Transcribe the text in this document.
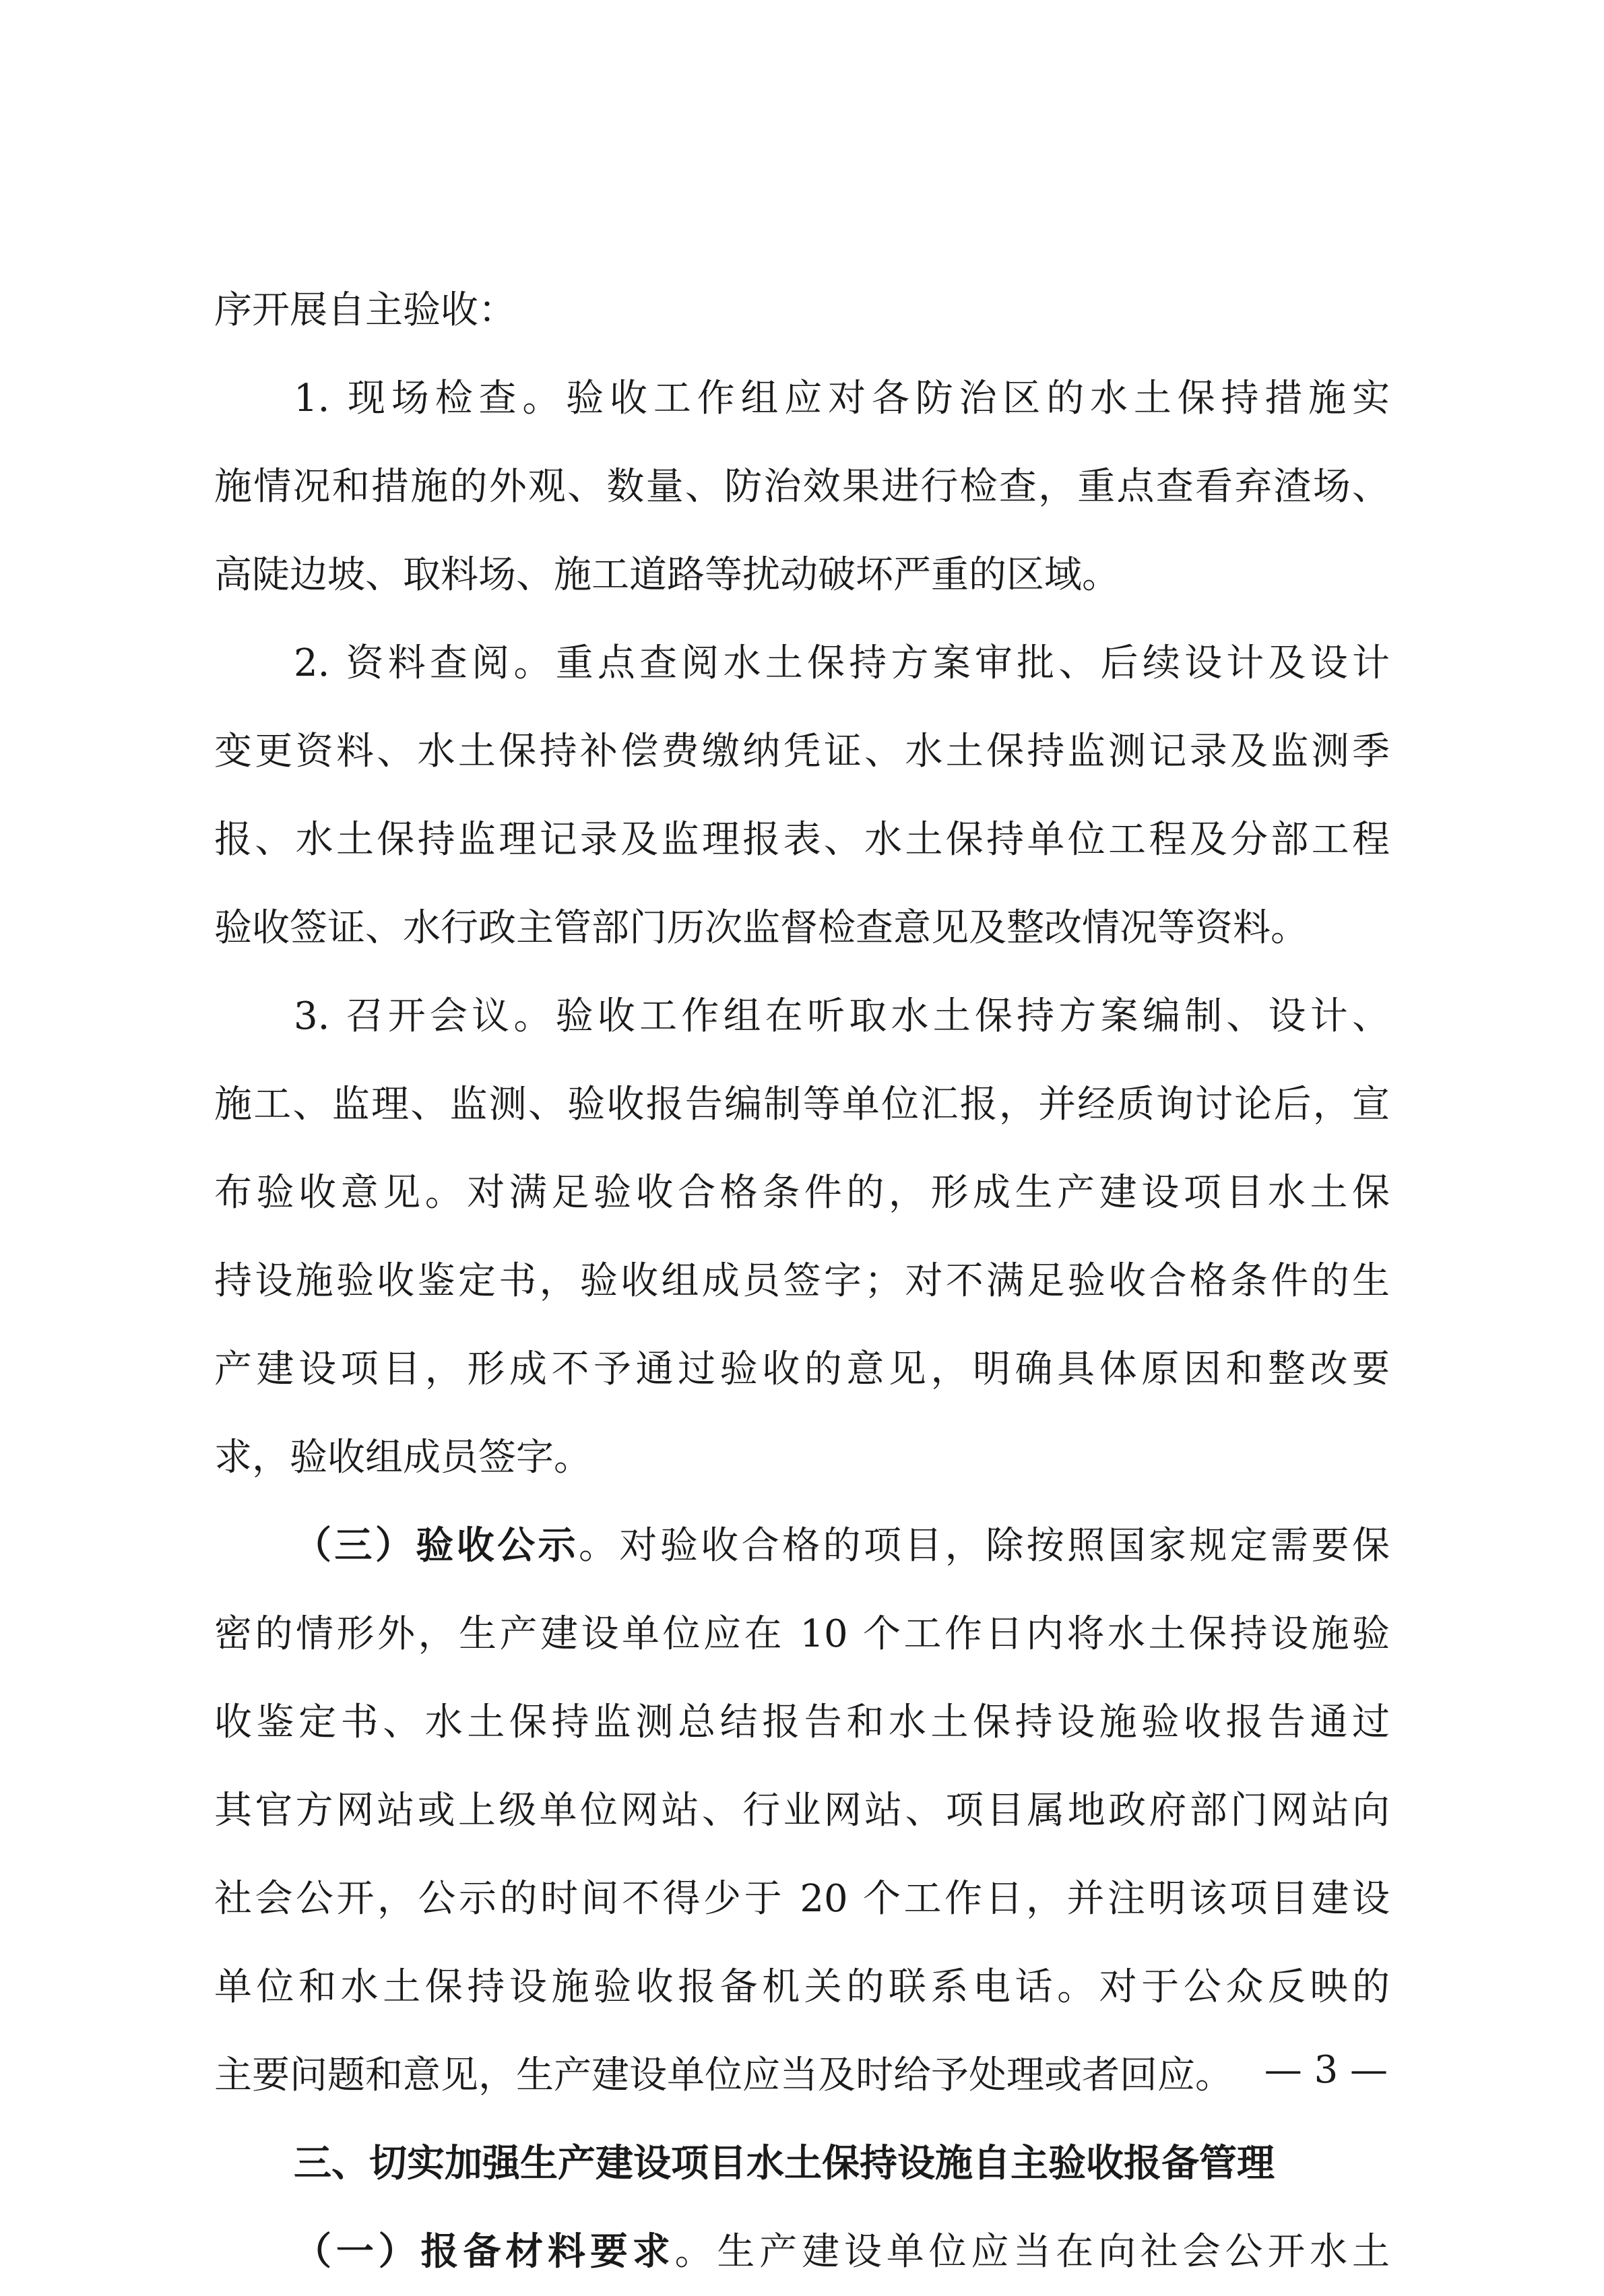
序开展自主验收：
1. 现场检查。验收工作组应对各防治区的水土保持措施实
施情况和措施的外观、数量、防治效果进行检查，重点查看弃渣场、
高陡边坡、取料场、施工道路等扰动破坏严重的区域。
2. 资料查阅。重点查阅水土保持方案审批、后续设计及设计
变更资料、水土保持补偿费缴纳凭证、水土保持监测记录及监测季
报、水土保持监理记录及监理报表、水土保持单位工程及分部工程
验收签证、水行政主管部门历次监督检查意见及整改情况等资料。
3. 召开会议。验收工作组在听取水土保持方案编制、设计、
施工、监理、监测、验收报告编制等单位汇报，并经质询讨论后，宣
布验收意见。对满足验收合格条件的，形成生产建设项目水土保
持设施验收鉴定书，验收组成员签字；对不满足验收合格条件的生
产建设项目，形成不予通过验收的意见，明确具体原因和整改要
求，验收组成员签字。
（三）验收公示。对验收合格的项目，除按照国家规定需要保
密的情形外，生产建设单位应在 10 个工作日内将水土保持设施验
收鉴定书、水土保持监测总结报告和水土保持设施验收报告通过
其官方网站或上级单位网站、行业网站、项目属地政府部门网站向
社会公开，公示的时间不得少于 20 个工作日，并注明该项目建设
单位和水土保持设施验收报备机关的联系电话。对于公众反映的
主要问题和意见，生产建设单位应当及时给予处理或者回应。
三、切实加强生产建设项目水土保持设施自主验收报备管理
（一）报备材料要求。生产建设单位应当在向社会公开水土
— 3 —
